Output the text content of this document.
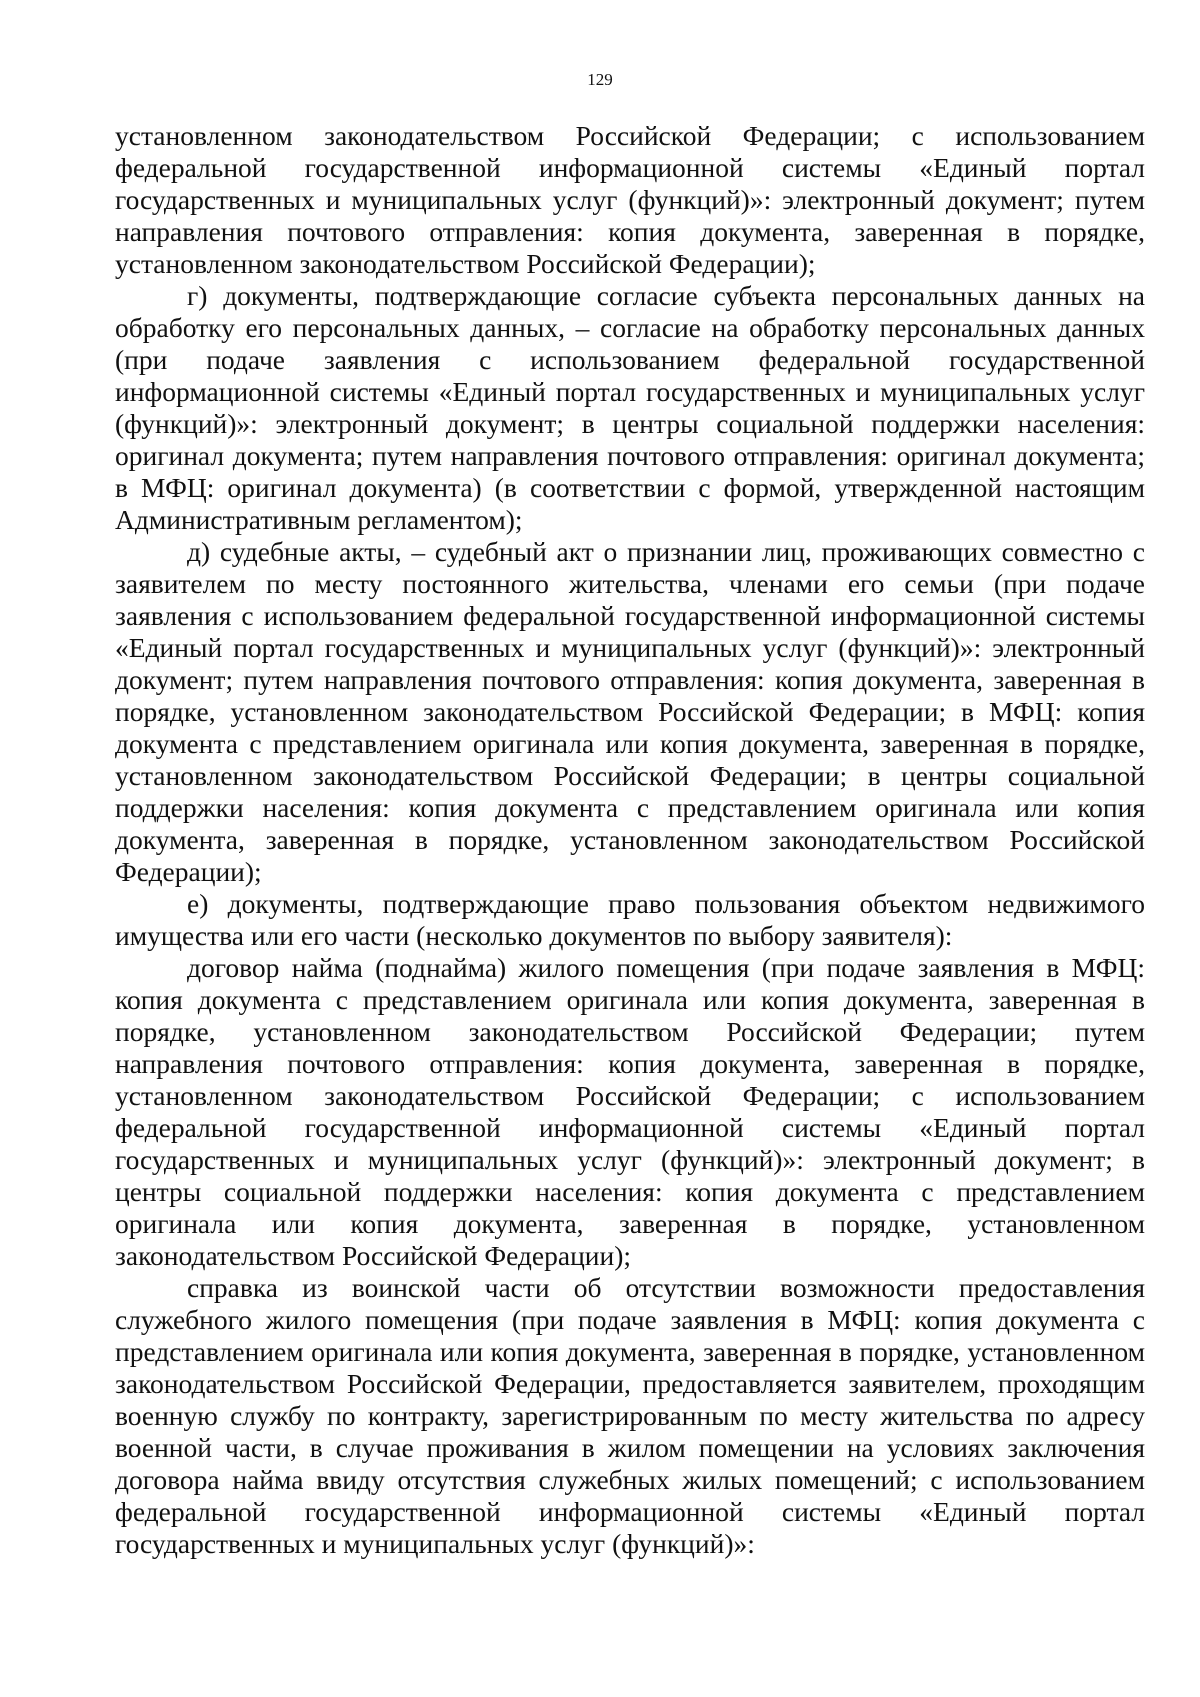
129

установленном законодательством Российской Федерации; с использованием федеральной государственной информационной системы «Единый портал государственных и муниципальных услуг (функций)»: электронный документ; путем направления почтового отправления: копия документа, заверенная в порядке, установленном законодательством Российской Федерации);

г) документы, подтверждающие согласие субъекта персональных данных на обработку его персональных данных, – согласие на обработку персональных данных (при подаче заявления с использованием федеральной государственной информационной системы «Единый портал государственных и муниципальных услуг (функций)»: электронный документ; в центры социальной поддержки населения: оригинал документа; путем направления почтового отправления: оригинал документа; в МФЦ: оригинал документа) (в соответствии с формой, утвержденной настоящим Административным регламентом);

д) судебные акты, – судебный акт о признании лиц, проживающих совместно с заявителем по месту постоянного жительства, членами его семьи (при подаче заявления с использованием федеральной государственной информационной системы «Единый портал государственных и муниципальных услуг (функций)»: электронный документ; путем направления почтового отправления: копия документа, заверенная в порядке, установленном законодательством Российской Федерации; в МФЦ: копия документа с представлением оригинала или копия документа, заверенная в порядке, установленном законодательством Российской Федерации; в центры социальной поддержки населения: копия документа с представлением оригинала или копия документа, заверенная в порядке, установленном законодательством Российской Федерации);

е) документы, подтверждающие право пользования объектом недвижимого имущества или его части (несколько документов по выбору заявителя):

договор найма (поднайма) жилого помещения (при подаче заявления в МФЦ: копия документа с представлением оригинала или копия документа, заверенная в порядке, установленном законодательством Российской Федерации; путем направления почтового отправления: копия документа, заверенная в порядке, установленном законодательством Российской Федерации; с использованием федеральной государственной информационной системы «Единый портал государственных и муниципальных услуг (функций)»: электронный документ; в центры социальной поддержки населения: копия документа с представлением оригинала или копия документа, заверенная в порядке, установленном законодательством Российской Федерации);

справка из воинской части об отсутствии возможности предоставления служебного жилого помещения (при подаче заявления в МФЦ: копия документа с представлением оригинала или копия документа, заверенная в порядке, установленном законодательством Российской Федерации, предоставляется заявителем, проходящим военную службу по контракту, зарегистрированным по месту жительства по адресу военной части, в случае проживания в жилом помещении на условиях заключения договора найма ввиду отсутствия служебных жилых помещений; с использованием федеральной государственной информационной системы «Единый портал государственных и муниципальных услуг (функций)»:
